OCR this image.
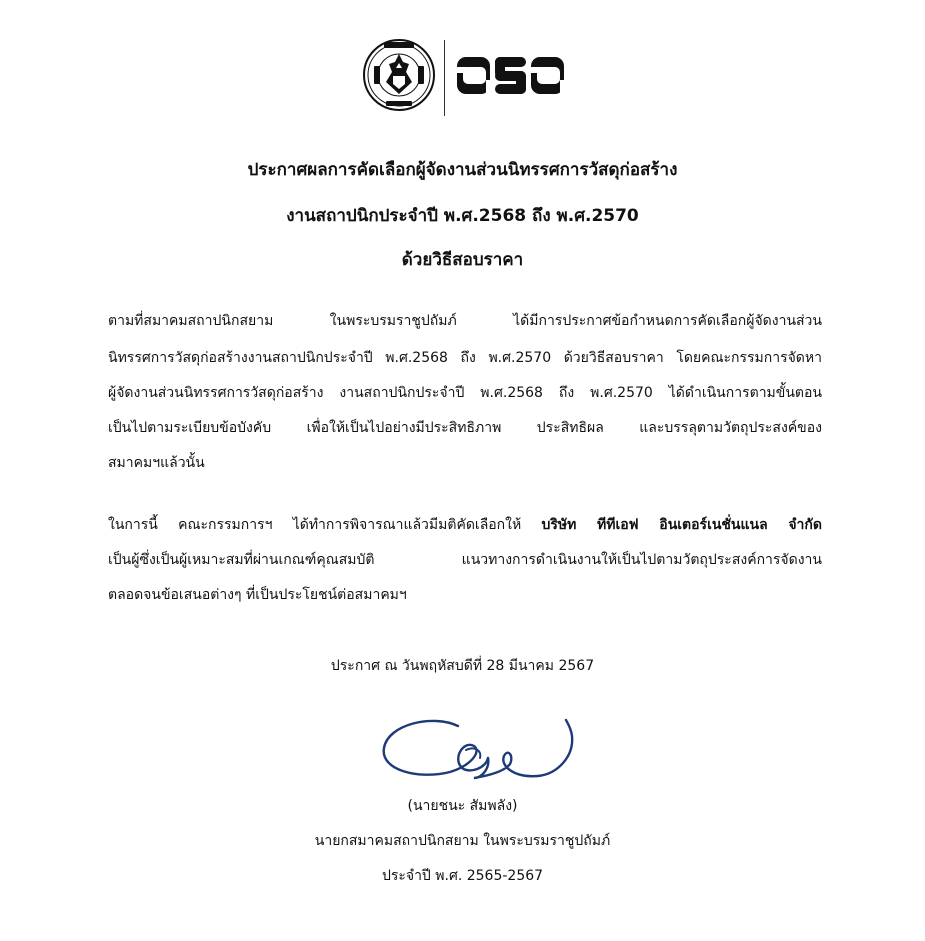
ประกาศผลการคัดเลือกผู้จัดงานส่วนนิทรรศการวัสดุก่อสร้าง
งานสถาปนิกประจำปี พ.ศ.2568 ถึง พ.ศ.2570
ด้วยวิธีสอบราคา
ตามที่สมาคมสถาปนิกสยาม ในพระบรมราชูปถัมภ์ ได้มีการประกาศข้อกำหนดการคัดเลือกผู้จัดงานส่วน
นิทรรศการวัสดุก่อสร้างงานสถาปนิกประจำปี พ.ศ.2568 ถึง พ.ศ.2570 ด้วยวิธีสอบราคา โดยคณะกรรมการจัดหา
ผู้จัดงานส่วนนิทรรศการวัสดุก่อสร้าง งานสถาปนิกประจำปี พ.ศ.2568 ถึง พ.ศ.2570 ได้ดำเนินการตามขั้นตอน
เป็นไปตามระเบียบข้อบังคับ เพื่อให้เป็นไปอย่างมีประสิทธิภาพ ประสิทธิผล และบรรลุตามวัตถุประสงค์ของ
สมาคมฯแล้วนั้น
ในการนี้ คณะกรรมการฯ ได้ทำการพิจารณาแล้วมีมติคัดเลือกให้ บริษัท ทีทีเอฟ อินเตอร์เนชั่นแนล จำกัด
เป็นผู้ซึ่งเป็นผู้เหมาะสมที่ผ่านเกณฑ์คุณสมบัติ แนวทางการดำเนินงานให้เป็นไปตามวัตถุประสงค์การจัดงาน
ตลอดจนข้อเสนอต่างๆ ที่เป็นประโยชน์ต่อสมาคมฯ
ประกาศ ณ วันพฤหัสบดีที่ 28 มีนาคม 2567
(นายชนะ สัมพลัง)
นายกสมาคมสถาปนิกสยาม ในพระบรมราชูปถัมภ์
ประจำปี พ.ศ. 2565-2567
